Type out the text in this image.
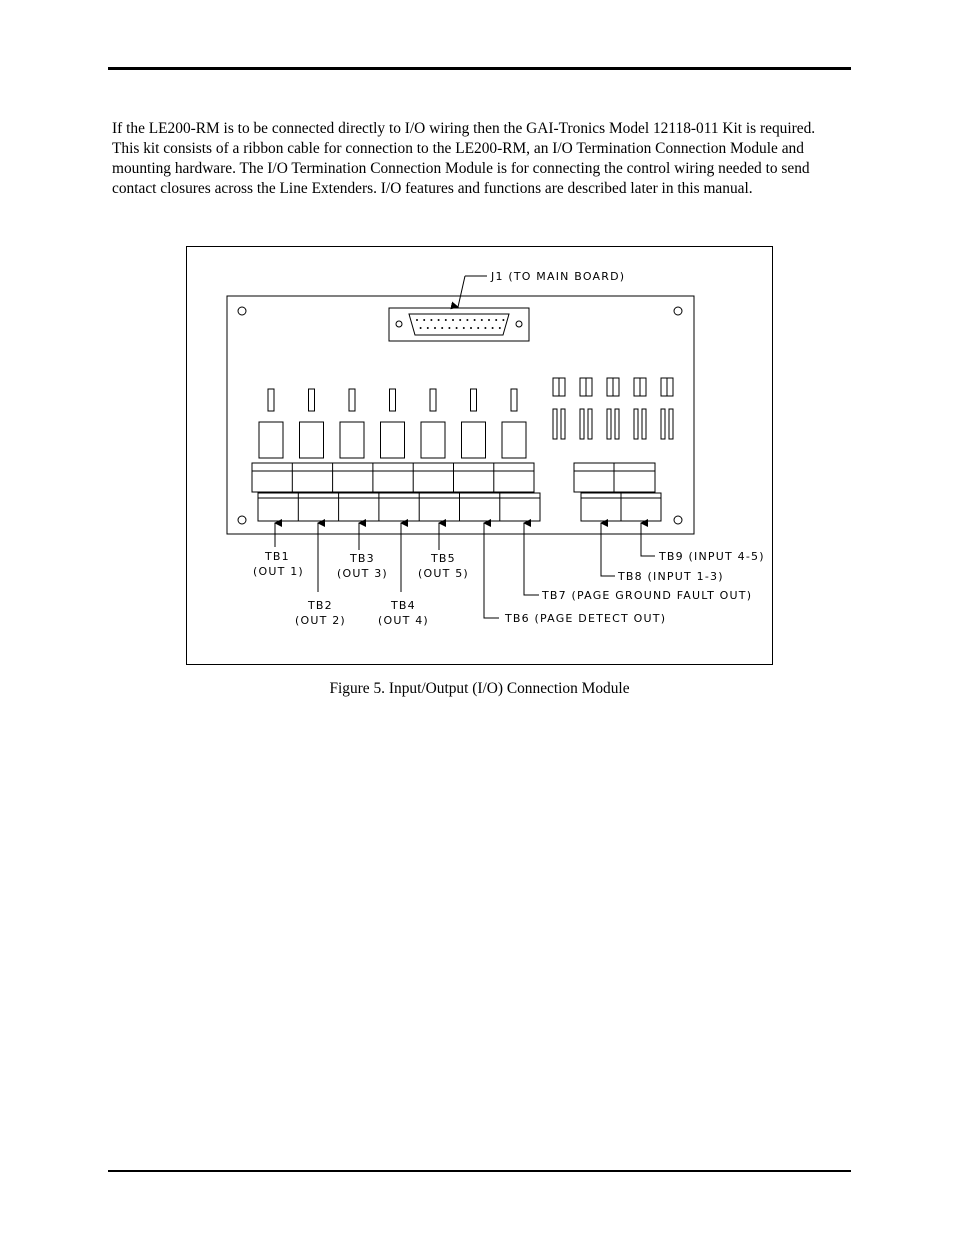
If the LE200-RM is to be connected directly to I/O wiring then the GAI-Tronics Model 12118-011 Kit is required. This kit consists of a ribbon cable for connection to the LE200-RM, an I/O Termination Connection Module and mounting hardware. The I/O Termination Connection Module is for connecting the control wiring needed to send contact closures across the Line Extenders. I/O features and functions are described later in this manual.

J1 (TO MAIN BOARD)
TB1
(OUT 1)
TB2
(OUT 2)
TB3
(OUT 3)
TB4
(OUT 4)
TB5
(OUT 5)
TB6 (PAGE DETECT OUT)
TB7 (PAGE GROUND FAULT OUT)
TB8 (INPUT 1-3)
TB9 (INPUT 4-5)
Figure 5. Input/Output (I/O) Connection Module
